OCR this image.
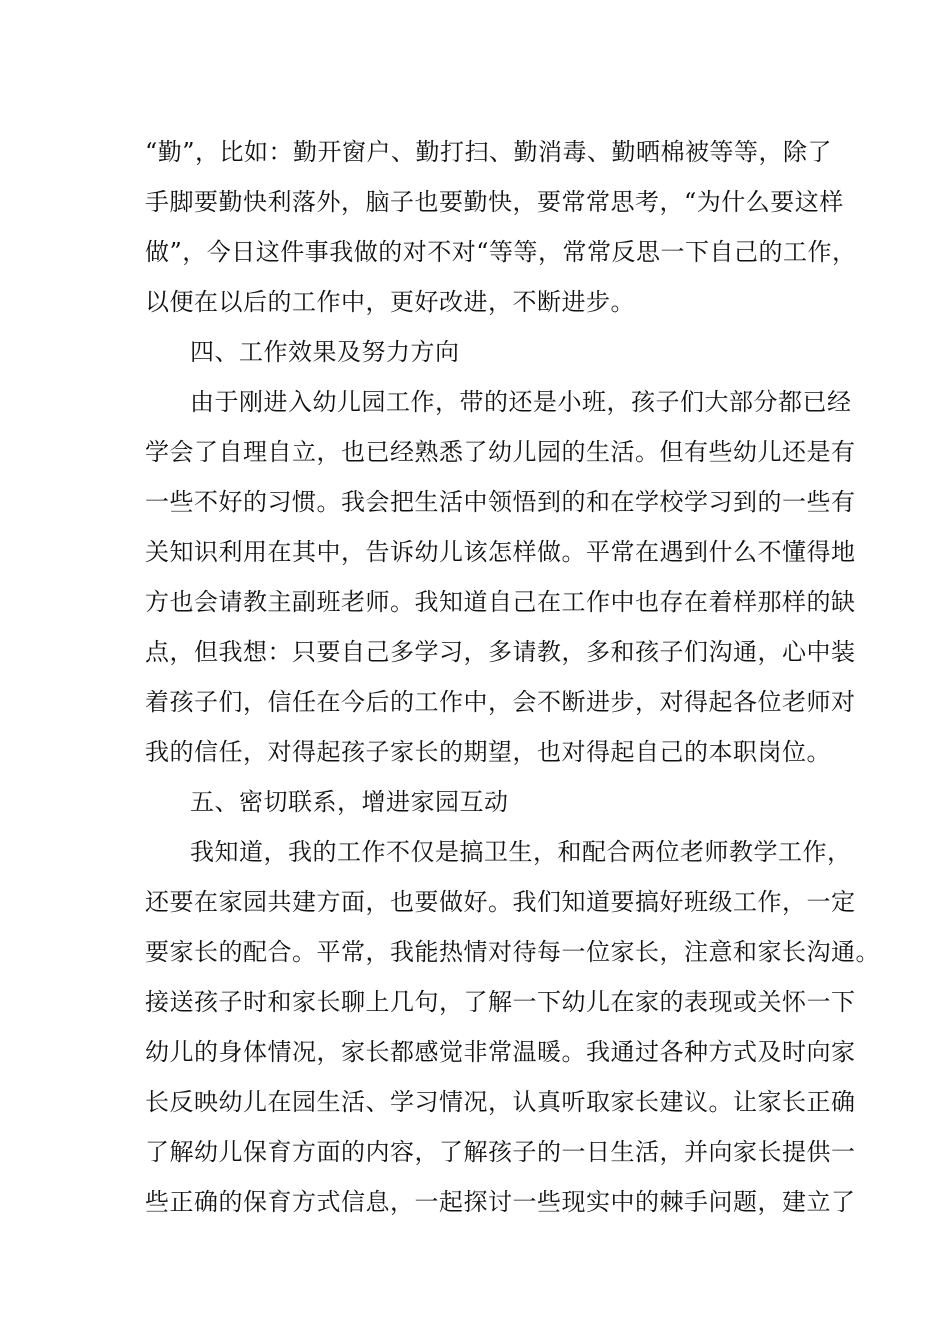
“勤”，比如：勤开窗户、勤打扫、勤消毒、勤晒棉被等等，除了
手脚要勤快利落外，脑子也要勤快，要常常思考，“为什么要这样
做”，今日这件事我做的对不对“等等，常常反思一下自己的工作，
以便在以后的工作中，更好改进，不断进步。
四、工作效果及努力方向
由于刚进入幼儿园工作，带的还是小班，孩子们大部分都已经
学会了自理自立，也已经熟悉了幼儿园的生活。但有些幼儿还是有
一些不好的习惯。我会把生活中领悟到的和在学校学习到的一些有
关知识利用在其中，告诉幼儿该怎样做。平常在遇到什么不懂得地
方也会请教主副班老师。我知道自己在工作中也存在着样那样的缺
点，但我想：只要自己多学习，多请教，多和孩子们沟通，心中装
着孩子们，信任在今后的工作中，会不断进步，对得起各位老师对
我的信任，对得起孩子家长的期望，也对得起自己的本职岗位。
五、密切联系，增进家园互动
我知道，我的工作不仅是搞卫生，和配合两位老师教学工作，
还要在家园共建方面，也要做好。我们知道要搞好班级工作，一定
要家长的配合。平常，我能热情对待每一位家长，注意和家长沟通。
接送孩子时和家长聊上几句，了解一下幼儿在家的表现或关怀一下
幼儿的身体情况，家长都感觉非常温暖。我通过各种方式及时向家
长反映幼儿在园生活、学习情况，认真听取家长建议。让家长正确
了解幼儿保育方面的内容，了解孩子的一日生活，并向家长提供一
些正确的保育方式信息，一起探讨一些现实中的棘手问题，建立了
